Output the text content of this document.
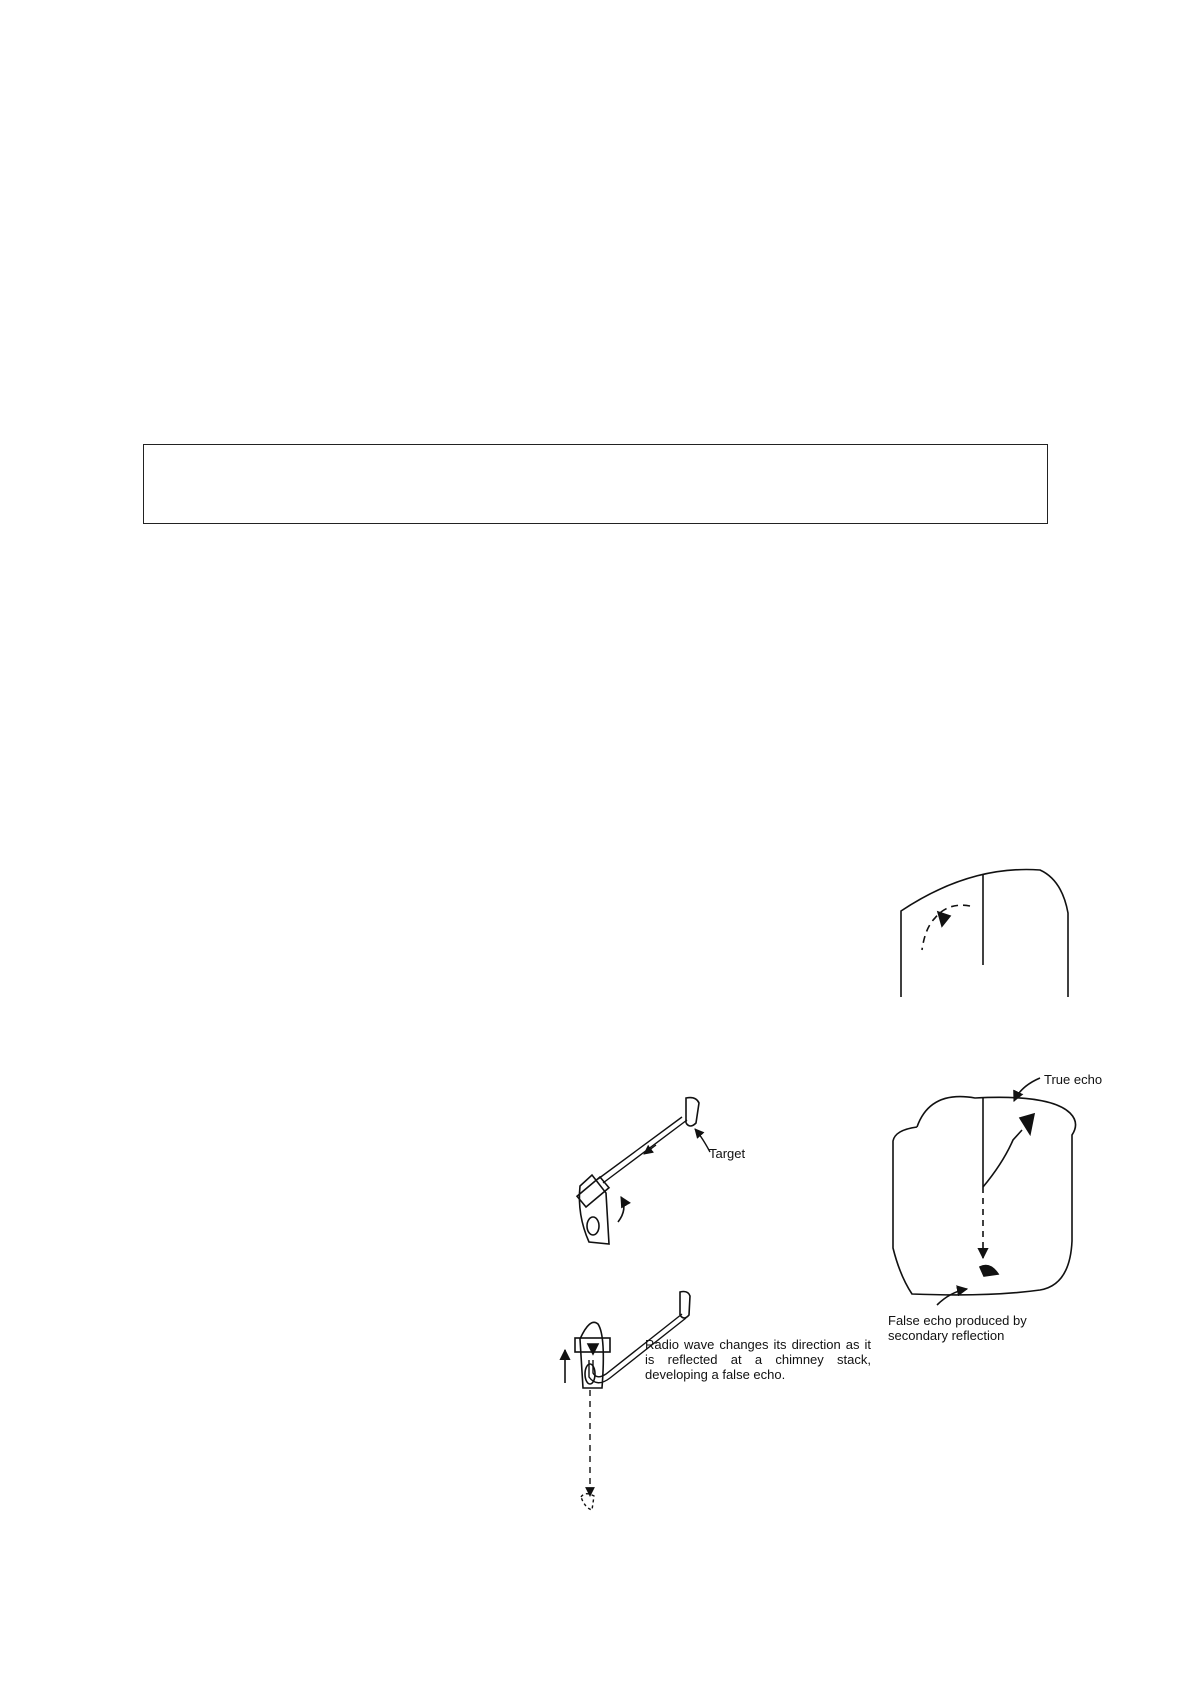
Target
True echo
False echo produced by secondary reflection
Radio wave changes its direction as it is reflected at a chimney stack, developing a false echo.
